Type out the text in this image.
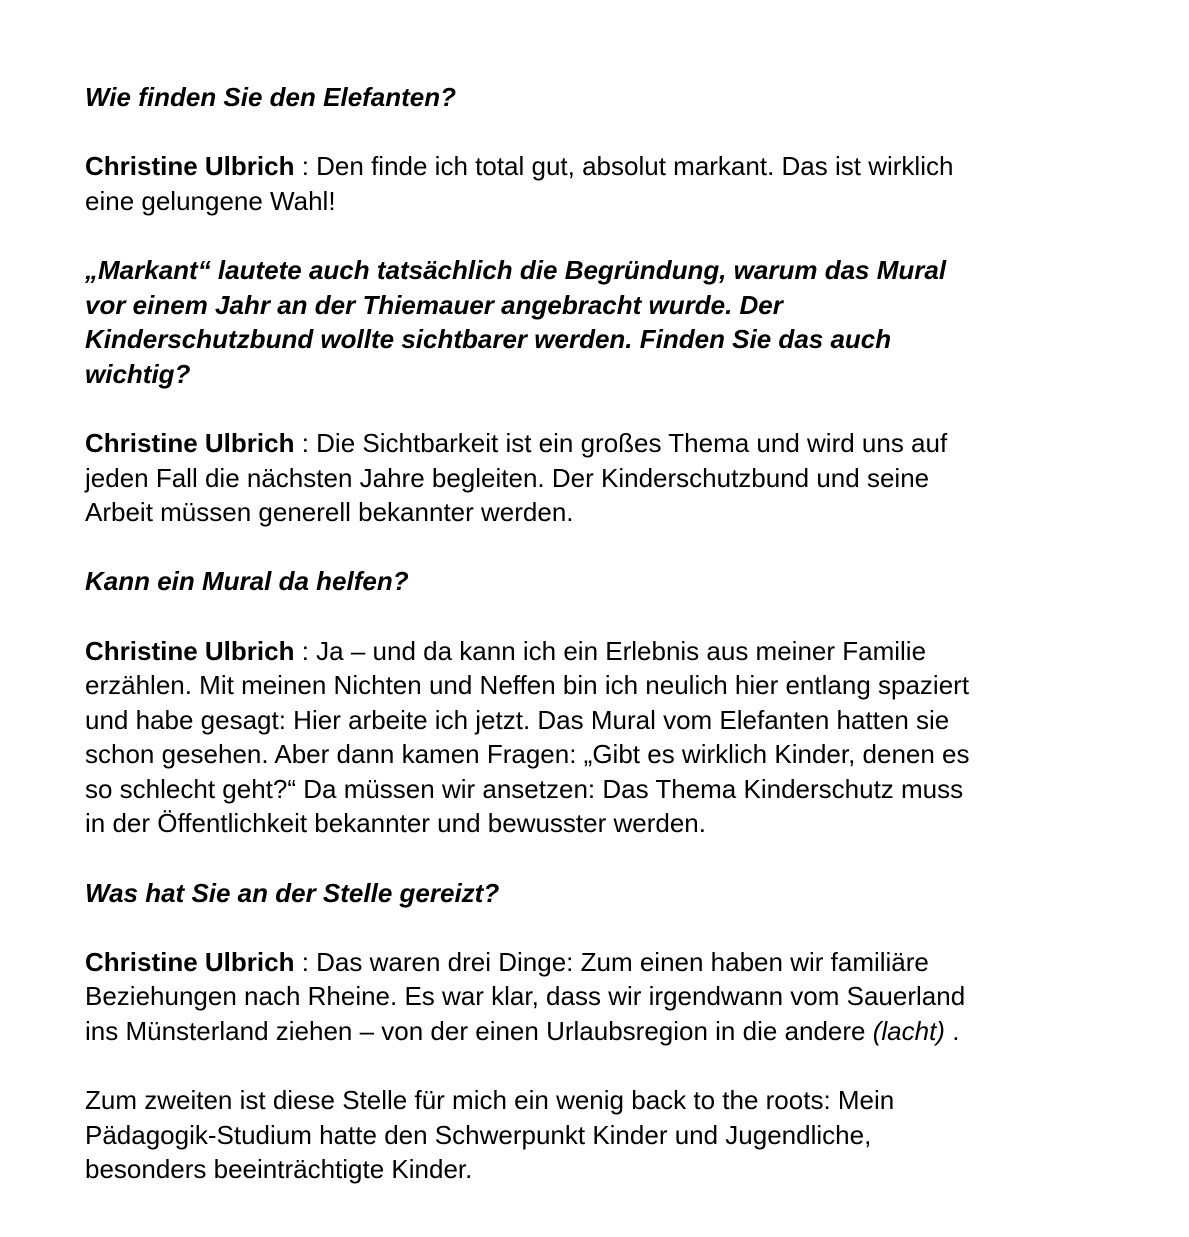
Wie finden Sie den Elefanten?

Christine Ulbrich : Den finde ich total gut, absolut markant. Das ist wirklich
eine gelungene Wahl!

„Markant“ lautete auch tatsächlich die Begründung, warum das Mural
vor einem Jahr an der Thiemauer angebracht wurde. Der
Kinderschutzbund wollte sichtbarer werden. Finden Sie das auch
wichtig?

Christine Ulbrich : Die Sichtbarkeit ist ein großes Thema und wird uns auf
jeden Fall die nächsten Jahre begleiten. Der Kinderschutzbund und seine
Arbeit müssen generell bekannter werden.

Kann ein Mural da helfen?

Christine Ulbrich : Ja – und da kann ich ein Erlebnis aus meiner Familie
erzählen. Mit meinen Nichten und Neffen bin ich neulich hier entlang spaziert
und habe gesagt: Hier arbeite ich jetzt. Das Mural vom Elefanten hatten sie
schon gesehen. Aber dann kamen Fragen: „Gibt es wirklich Kinder, denen es
so schlecht geht?“ Da müssen wir ansetzen: Das Thema Kinderschutz muss
in der Öffentlichkeit bekannter und bewusster werden.

Was hat Sie an der Stelle gereizt?

Christine Ulbrich : Das waren drei Dinge: Zum einen haben wir familiäre
Beziehungen nach Rheine. Es war klar, dass wir irgendwann vom Sauerland
ins Münsterland ziehen – von der einen Urlaubsregion in die andere (lacht) .

Zum zweiten ist diese Stelle für mich ein wenig back to the roots: Mein
Pädagogik-Studium hatte den Schwerpunkt Kinder und Jugendliche,
besonders beeinträchtigte Kinder.
